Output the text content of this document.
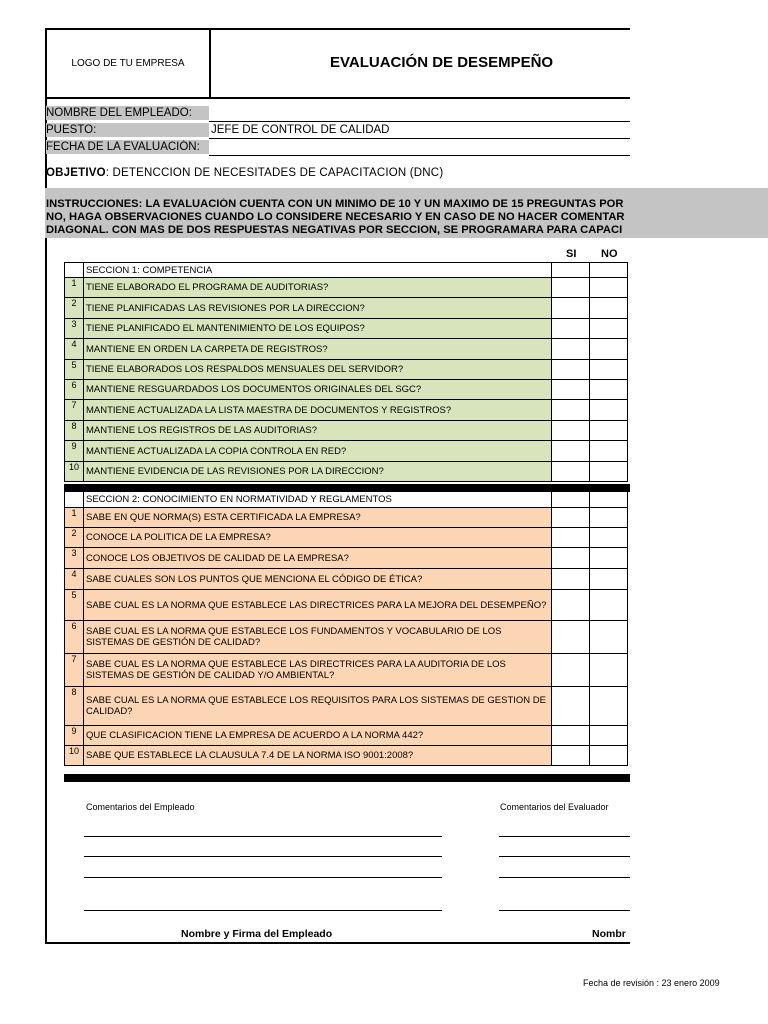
LOGO DE TU EMPRESA	EVALUACIÓN DE DESEMPEÑO
NOMBRE DEL EMPLEADO:
PUESTO:	JEFE DE CONTROL DE CALIDAD
FECHA DE LA EVALUACIÓN:
OBJETIVO: DETENCCION DE NECESITADES DE CAPACITACION (DNC)
INSTRUCCIONES: LA EVALUACIÓN CUENTA CON UN MINIMO DE 10 Y UN MAXIMO DE 15 PREGUNTAS POR
NO, HAGA OBSERVACIONES CUANDO LO CONSIDERE NECESARIO Y EN CASO DE NO HACER COMENTAR
DIAGONAL. CON MAS DE DOS RESPUESTAS NEGATIVAS POR SECCION, SE PROGRAMARA PARA CAPACI
SI NO
	SECCION 1: COMPETENCIA		
1	TIENE ELABORADO EL PROGRAMA DE AUDITORIAS?		
2	TIENE PLANIFICADAS LAS REVISIONES POR LA DIRECCION?		
3	TIENE PLANIFICADO EL MANTENIMIENTO DE LOS EQUIPOS?		
4	MANTIENE EN ORDEN LA CARPETA DE REGISTROS?		
5	TIENE ELABORADOS LOS RESPALDOS MENSUALES DEL SERVIDOR?		
6	MANTIENE RESGUARDADOS LOS DOCUMENTOS ORIGINALES DEL SGC?		
7	MANTIENE ACTUALIZADA LA LISTA MAESTRA DE DOCUMENTOS Y REGISTROS?		
8	MANTIENE LOS REGISTROS DE LAS AUDITORIAS?		
9	MANTIENE ACTUALIZADA LA COPIA CONTROLA EN RED?		
10	MANTIENE EVIDENCIA DE LAS REVISIONES POR LA DIRECCION?		
	SECCION 2: CONOCIMIENTO EN NORMATIVIDAD Y REGLAMENTOS		
1	SABE EN QUE NORMA(S) ESTA CERTIFICADA LA EMPRESA?		
2	CONOCE LA POLITICA DE LA EMPRESA?		
3	CONOCE LOS OBJETIVOS DE CALIDAD DE LA EMPRESA?		
4	SABE CUALES SON LOS PUNTOS QUE MENCIONA EL CÓDIGO DE ÉTICA?		
5	SABE CUAL ES LA NORMA QUE ESTABLECE LAS DIRECTRICES PARA LA MEJORA DEL DESEMPEÑO?		
6	SABE CUAL ES LA NORMA QUE ESTABLECE LOS FUNDAMENTOS Y VOCABULARIO DE LOS SISTEMAS DE GESTIÓN DE CALIDAD?		
7	SABE CUAL ES LA NORMA QUE ESTABLECE LAS DIRECTRICES PARA LA AUDITORIA DE LOS SISTEMAS DE GESTIÓN DE CALIDAD Y/O AMBIENTAL?		
8	SABE CUAL ES LA NORMA QUE ESTABLECE LOS REQUISITOS PARA LOS SISTEMAS DE GESTION DE CALIDAD?		
9	QUE CLASIFICACION TIENE LA EMPRESA DE ACUERDO A LA NORMA 442?		
10	SABE QUE ESTABLECE LA CLAUSULA 7.4 DE LA NORMA ISO 9001:2008?		
Comentarios del Empleado	Comentarios del Evaluador
Nombre y Firma del Empleado	Nombr
Fecha de revisión : 23 enero 2009
